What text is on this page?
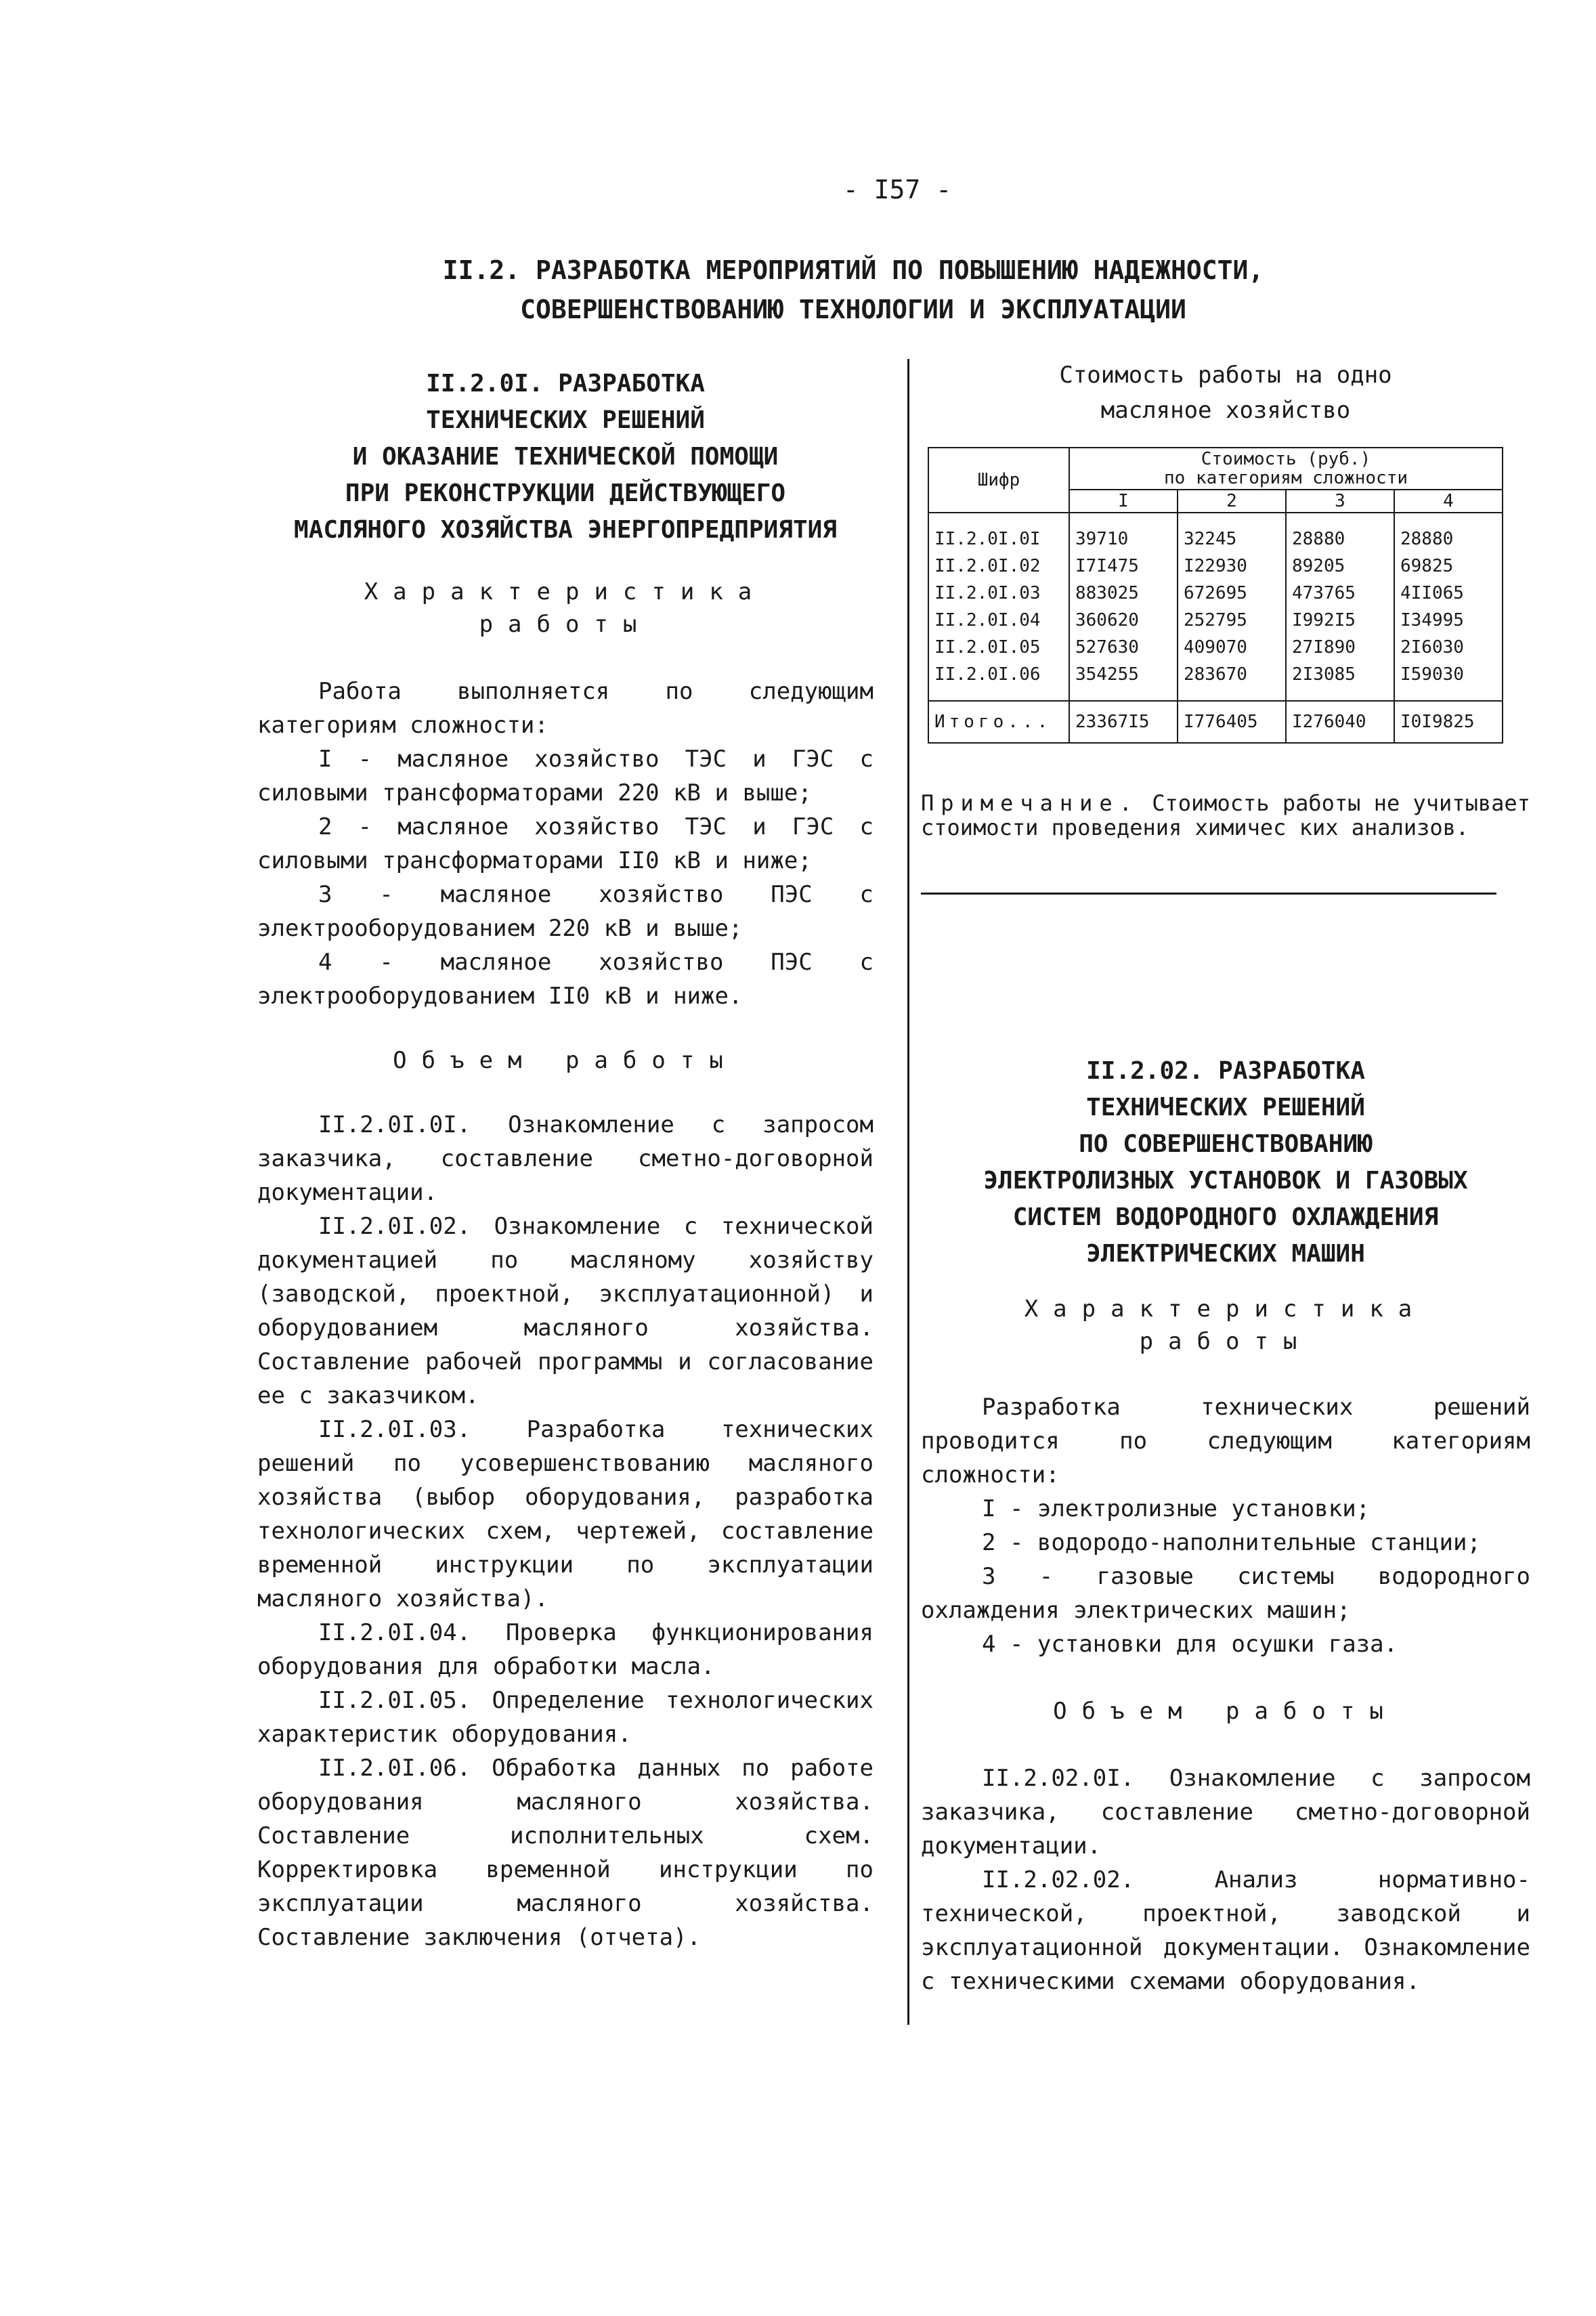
- I57 -
II.2. РАЗРАБОТКА МЕРОПРИЯТИЙ ПО ПОВЫШЕНИЮ НАДЕЖНОСТИ,
СОВЕРШЕНСТВОВАНИЮ ТЕХНОЛОГИИ И ЭКСПЛУАТАЦИИ
II.2.0I. РАЗРАБОТКА
ТЕХНИЧЕСКИХ РЕШЕНИЙ
И ОКАЗАНИЕ ТЕХНИЧЕСКОЙ ПОМОЩИ
ПРИ РЕКОНСТРУКЦИИ ДЕЙСТВУЮЩЕГО
МАСЛЯНОГО ХОЗЯЙСТВА ЭНЕРГОПРЕДПРИЯТИЯ
Характеристика
работы

Работа выполняется по следующим категориям сложности:

I - масляное хозяйство ТЭС и ГЭС с силовыми трансформаторами 220 кВ и выше;

2 - масляное хозяйство ТЭС и ГЭС с силовыми трансформаторами II0 кВ и ниже;

3 - масляное хозяйство ПЭС с электрооборудованием 220 кВ и выше;

4 - масляное хозяйство ПЭС с электрооборудованием II0 кВ и ниже.

Объем работы

II.2.0I.0I. Ознакомление с запросом заказчика, составление сметно-договорной документации.

II.2.0I.02. Ознакомление с технической документацией по масляному хозяйству (заводской, проектной, эксплуатационной) и оборудованием масляного хозяйства. Составление рабочей программы и согласование ее с заказчиком.

II.2.0I.03. Разработка технических решений по усовершенствованию масляного хозяйства (выбор оборудования, разработка технологических схем, чертежей, составление временной инструкции по эксплуатации масляного хозяйства).

II.2.0I.04. Проверка функционирования оборудования для обработки масла.

II.2.0I.05. Определение технологических характеристик оборудования.

II.2.0I.06. Обработка данных по работе оборудования масляного хозяйства. Составление исполнительных схем. Корректировка временной инструкции по эксплуатации масляного хозяйства. Составление заключения (отчета).

Стоимость работы на одно
масляное хозяйство
Шифр	Стоимость (руб.)
по категориям сложности			

	I	2	3	4

II.2.0I.0I	39710	32245	28880	28880
II.2.0I.02	I7I475	I22930	89205	69825
II.2.0I.03	883025	672695	473765	4II065
II.2.0I.04	360620	252795	I992I5	I34995
II.2.0I.05	527630	409070	27I890	2I6030
II.2.0I.06	354255	283670	2I3085	I59030

Итого...	23367I5	I776405	I276040	I0I9825
Примечание. Стоимость работы не учитывает стоимости проведения химичес ких анализов.
II.2.02. РАЗРАБОТКА
ТЕХНИЧЕСКИХ РЕШЕНИЙ
ПО СОВЕРШЕНСТВОВАНИЮ
ЭЛЕКТРОЛИЗНЫХ УСТАНОВОК И ГАЗОВЫХ
СИСТЕМ ВОДОРОДНОГО ОХЛАЖДЕНИЯ
ЭЛЕКТРИЧЕСКИХ МАШИН
Характеристика
работы

Разработка технических решений проводится по следующим категориям сложности:

I - электролизные установки;

2 - водородо-наполнительные станции;

3 - газовые системы водородного охлаждения электрических машин;

4 - установки для осушки газа.

Объем работы

II.2.02.0I. Ознакомление с запросом заказчика, составление сметно-договорной документации.

II.2.02.02. Анализ нормативно-технической, проектной, заводской и эксплуатационной документации. Ознакомление с техническими схемами оборудования.
